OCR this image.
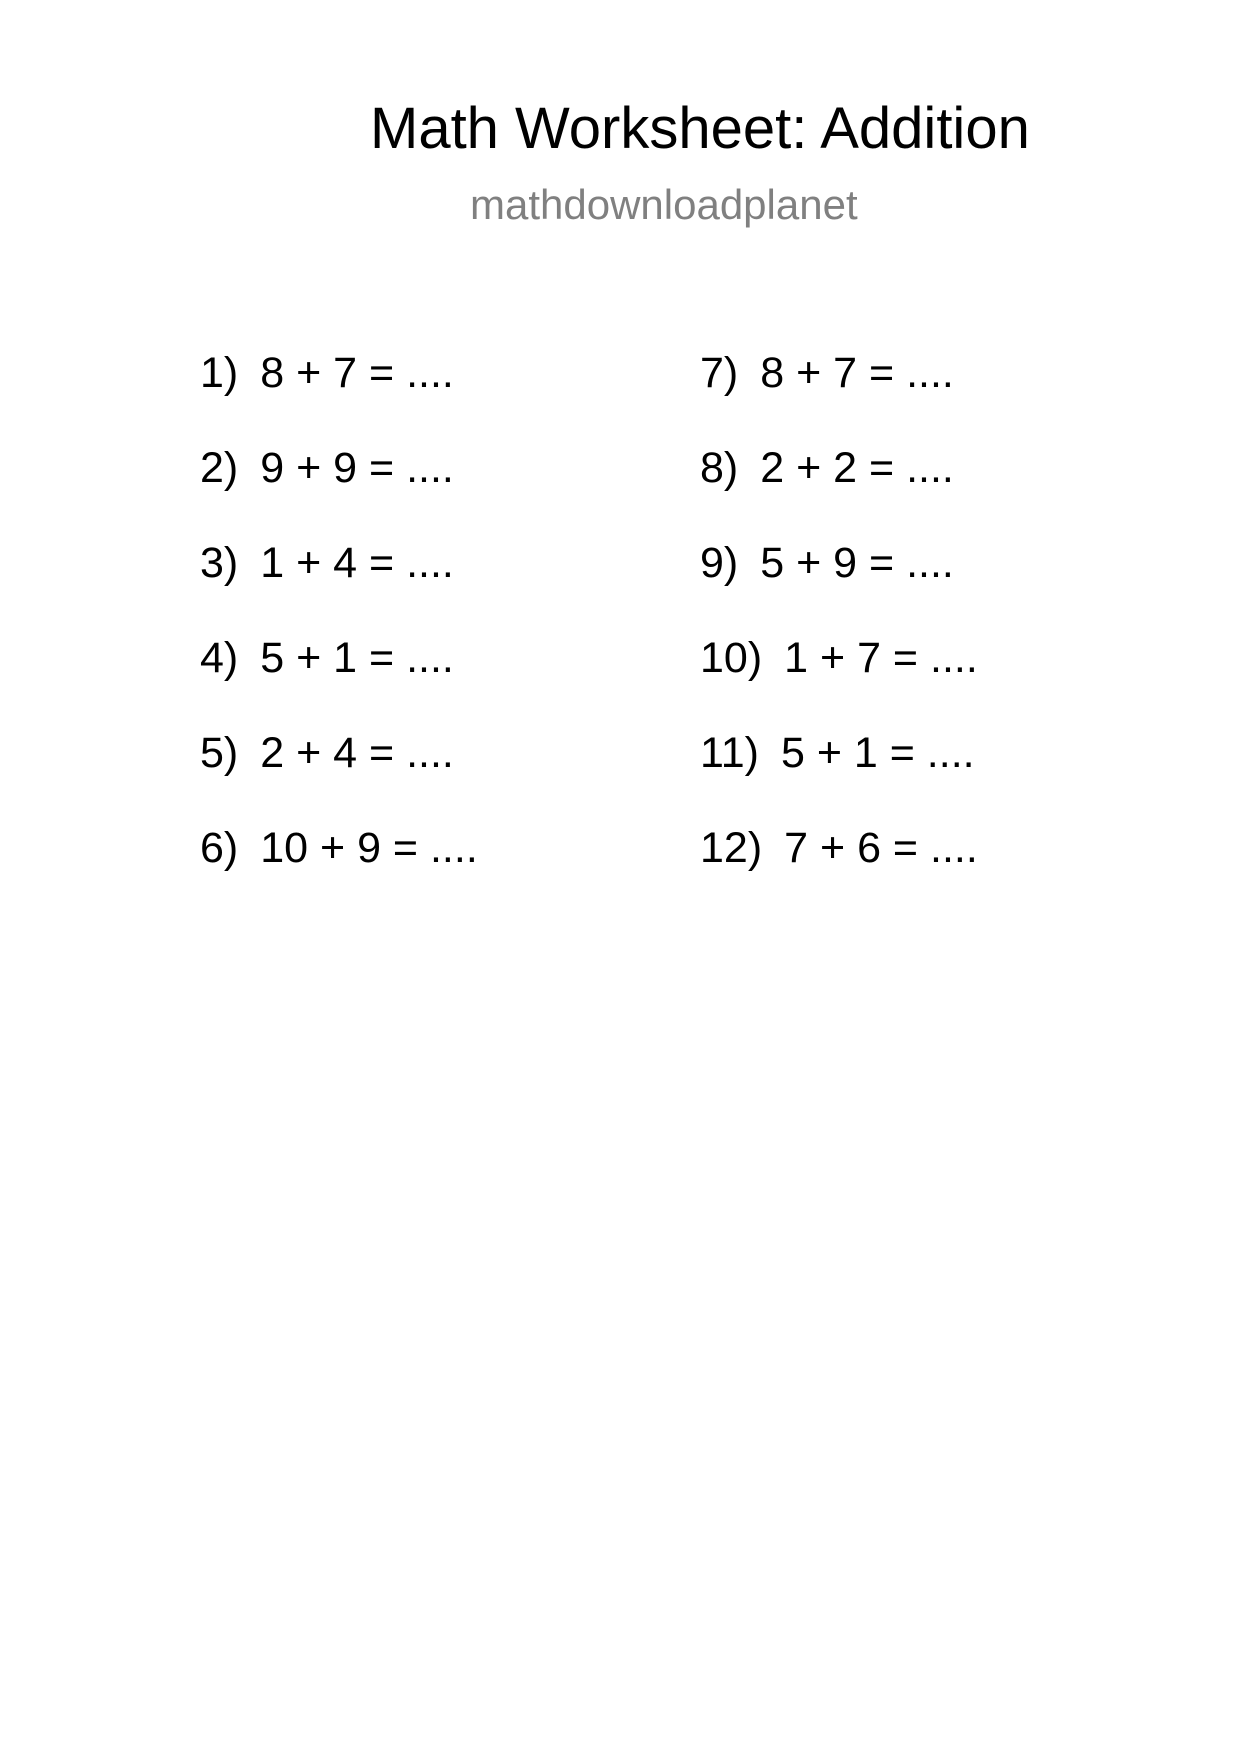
Math Worksheet: Addition
mathdownloadplanet
1) 8 + 7 = ....
2) 9 + 9 = ....
3) 1 + 4 = ....
4) 5 + 1 = ....
5) 2 + 4 = ....
6) 10 + 9 = ....
7) 8 + 7 = ....
8) 2 + 2 = ....
9) 5 + 9 = ....
10) 1 + 7 = ....
11) 5 + 1 = ....
12) 7 + 6 = ....
